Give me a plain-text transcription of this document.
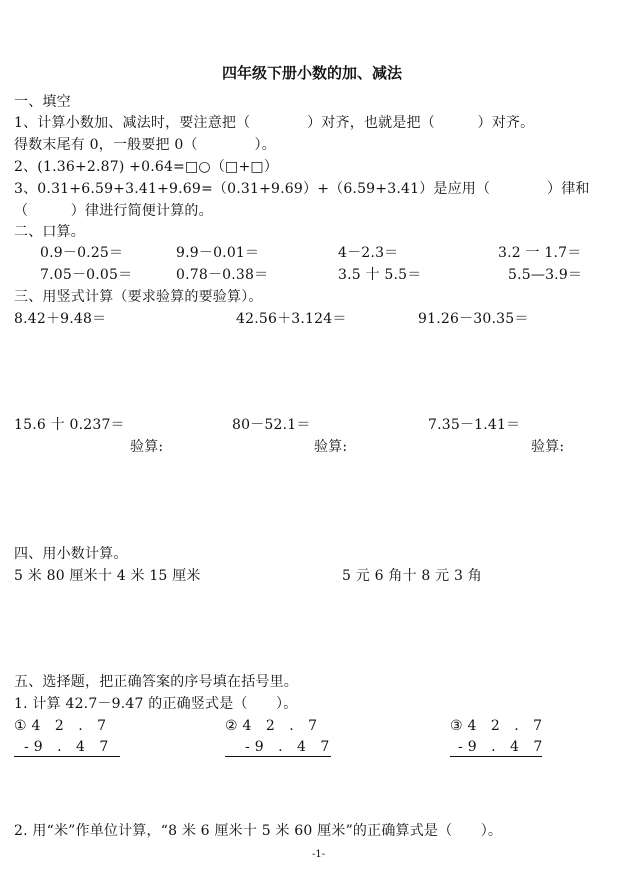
四年级下册小数的加、减法
一、填空
1、计算小数加、减法时，要注意把（　　　　）对齐，也就是把（　　　）对齐。
得数末尾有 0，一般要把 0（　　　　）。
2、(1.36+2.87) +0.64=□○（□+□）
3、0.31+6.59+3.41+9.69=（0.31+9.69）+（6.59+3.41）是应用（　　　　）律和
（　　　）律进行简便计算的。
二、口算。
0.9－0.25＝	9.9－0.01＝	4－2.3＝	3.2 一 1.7＝
7.05－0.05＝	0.78－0.38＝	3.5 十 5.5＝	5.5—3.9＝
三、用竖式计算（要求验算的要验算）。
8.42＋9.48＝	42.56＋3.124＝	91.26－30.35＝
15.6 十 0.237＝	80－52.1＝	7.35－1.41＝
验算:	验算:	验算:
四、用小数计算。
5 米 80 厘米十 4 米 15 厘米	5 元 6 角十 8 元 3 角
五、选择题，把正确答案的序号填在括号里。
1. 计算 42.7－9.47 的正确竖式是（　　）。
①4 2 . 7
-9 . 4 7
②4 2 . 7
-9 . 4 7
③4 2 . 7
-9 . 4 7
2. 用“米”作单位计算，“8 米 6 厘米十 5 米 60 厘米”的正确算式是（　　）。
-1-
